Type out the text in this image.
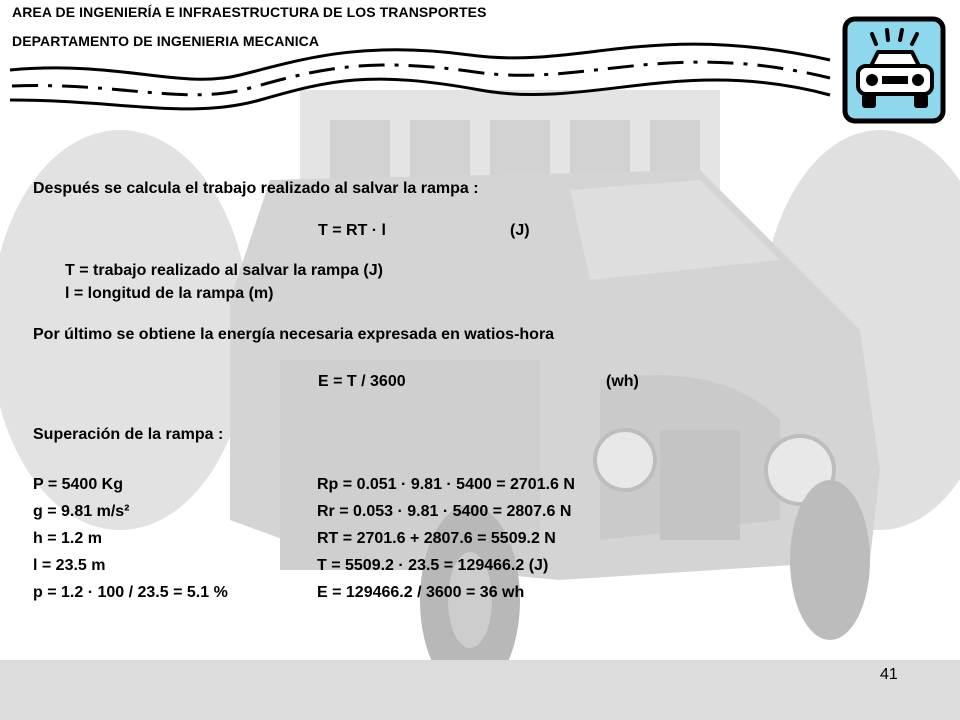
AREA DE INGENIERÍA E INFRAESTRUCTURA DE LOS TRANSPORTES
DEPARTAMENTO DE INGENIERIA MECANICA
Después se calcula el trabajo realizado al salvar la rampa :
T = RT · l	(J)
T = trabajo realizado al salvar la rampa (J)
l = longitud de la rampa (m)
Por último se obtiene la energía necesaria expresada en watios-hora
E = T / 3600	(wh)
Superación de la rampa :
P = 5400 Kg
g = 9.81 m/s²
h = 1.2 m
l = 23.5 m
p = 1.2 · 100 / 23.5 = 5.1 %
Rp = 0.051 · 9.81 · 5400 = 2701.6 N
Rr = 0.053 · 9.81 · 5400 = 2807.6 N
RT = 2701.6 + 2807.6 = 5509.2 N
T = 5509.2 · 23.5 = 129466.2 (J)
E = 129466.2 / 3600 = 36 wh
41
